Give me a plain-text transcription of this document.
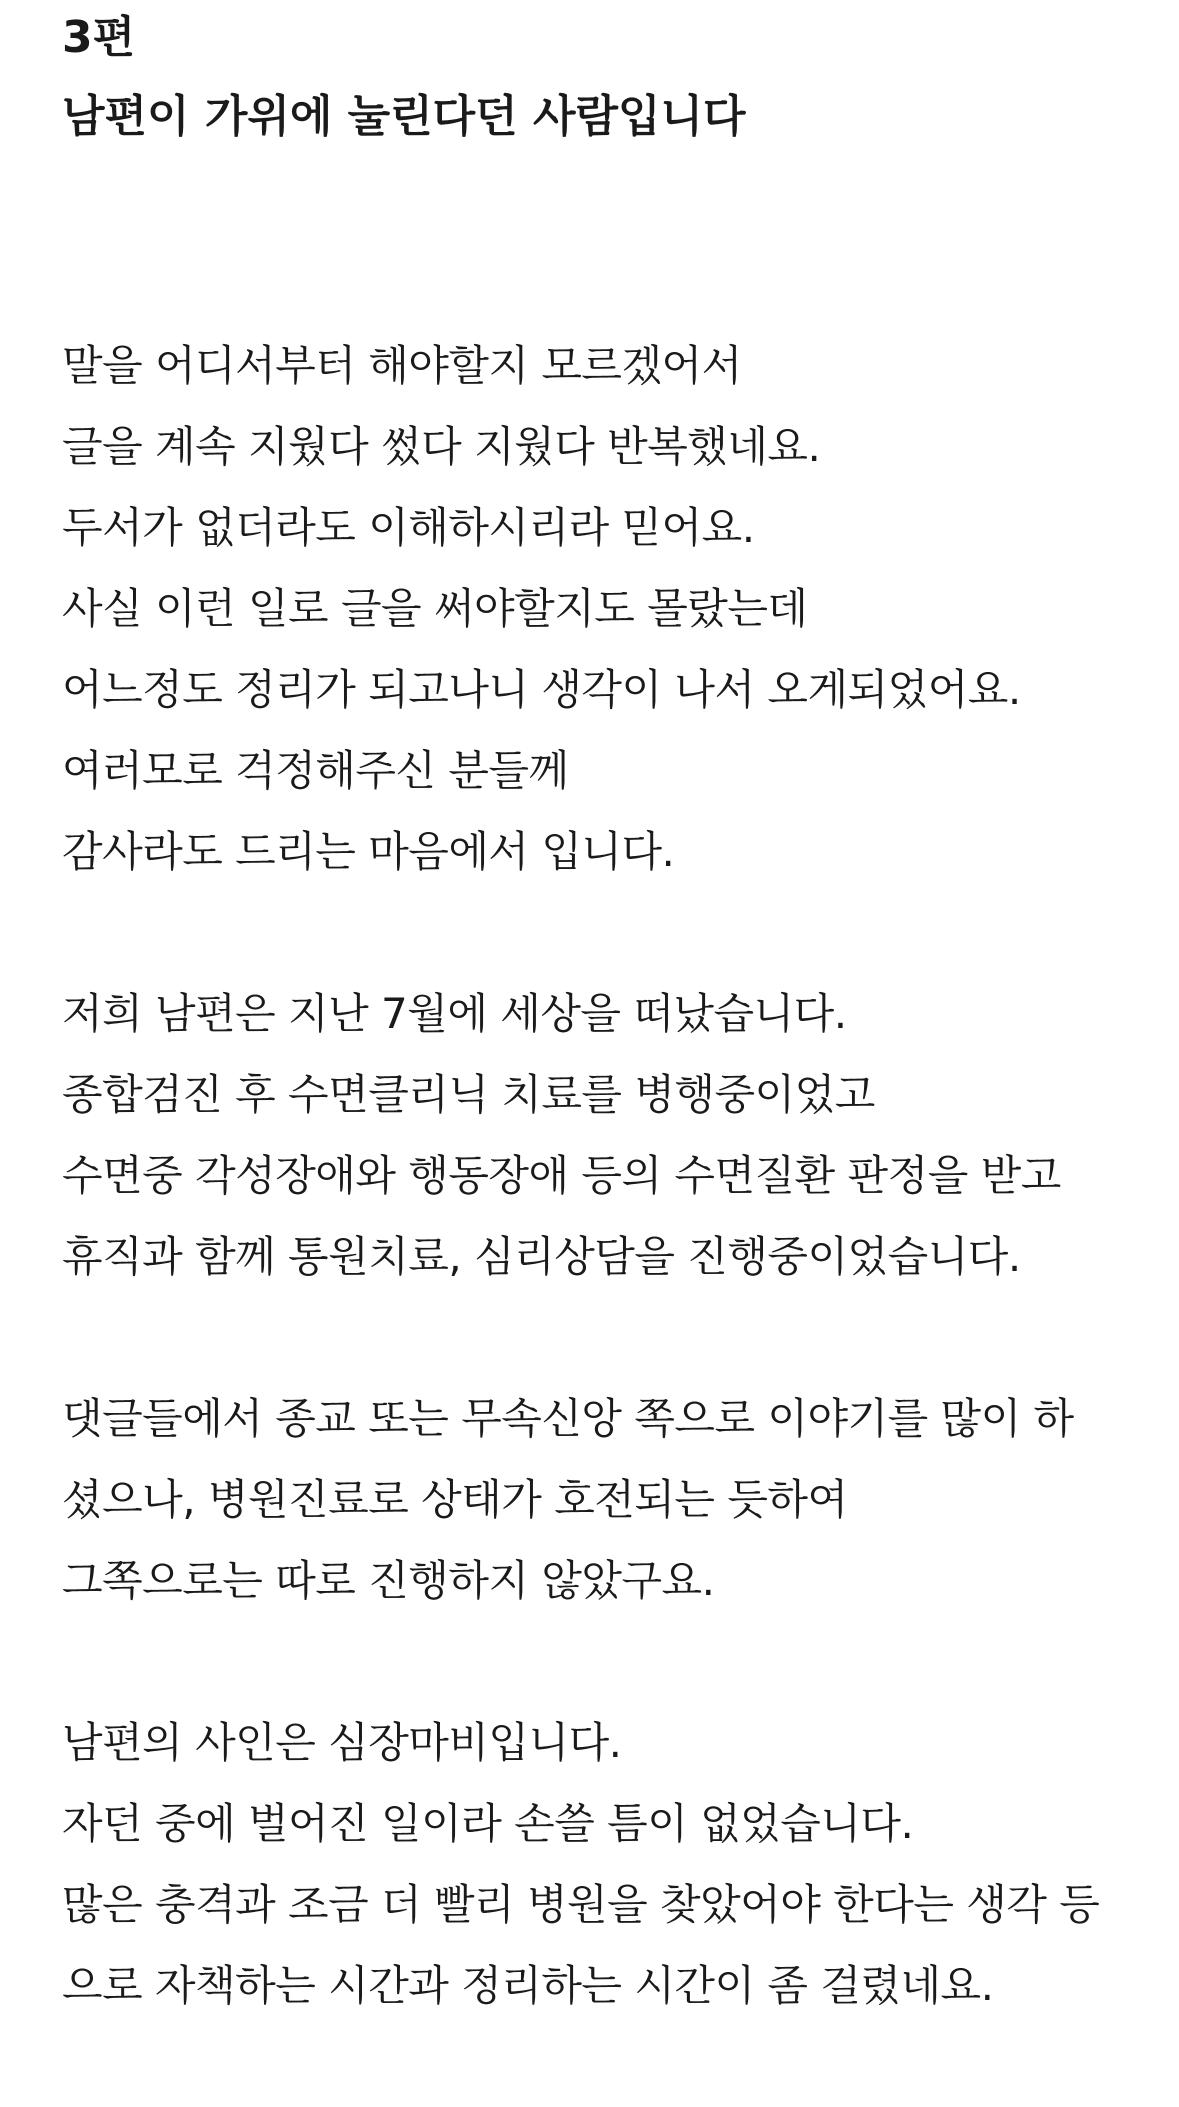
3편
남편이 가위에 눌린다던 사람입니다
말을 어디서부터 해야할지 모르겠어서
글을 계속 지웠다 썼다 지웠다 반복했네요.
두서가 없더라도 이해하시리라 믿어요.
사실 이런 일로 글을 써야할지도 몰랐는데
어느정도 정리가 되고나니 생각이 나서 오게되었어요.
여러모로 걱정해주신 분들께
감사라도 드리는 마음에서 입니다.
저희 남편은 지난 7월에 세상을 떠났습니다.
종합검진 후 수면클리닉 치료를 병행중이었고
수면중 각성장애와 행동장애 등의 수면질환 판정을 받고
휴직과 함께 통원치료, 심리상담을 진행중이었습니다.
댓글들에서 종교 또는 무속신앙 쪽으로 이야기를 많이 하
셨으나, 병원진료로 상태가 호전되는 듯하여
그쪽으로는 따로 진행하지 않았구요.
남편의 사인은 심장마비입니다.
자던 중에 벌어진 일이라 손쓸 틈이 없었습니다.
많은 충격과 조금 더 빨리 병원을 찾았어야 한다는 생각 등
으로 자책하는 시간과 정리하는 시간이 좀 걸렸네요.
